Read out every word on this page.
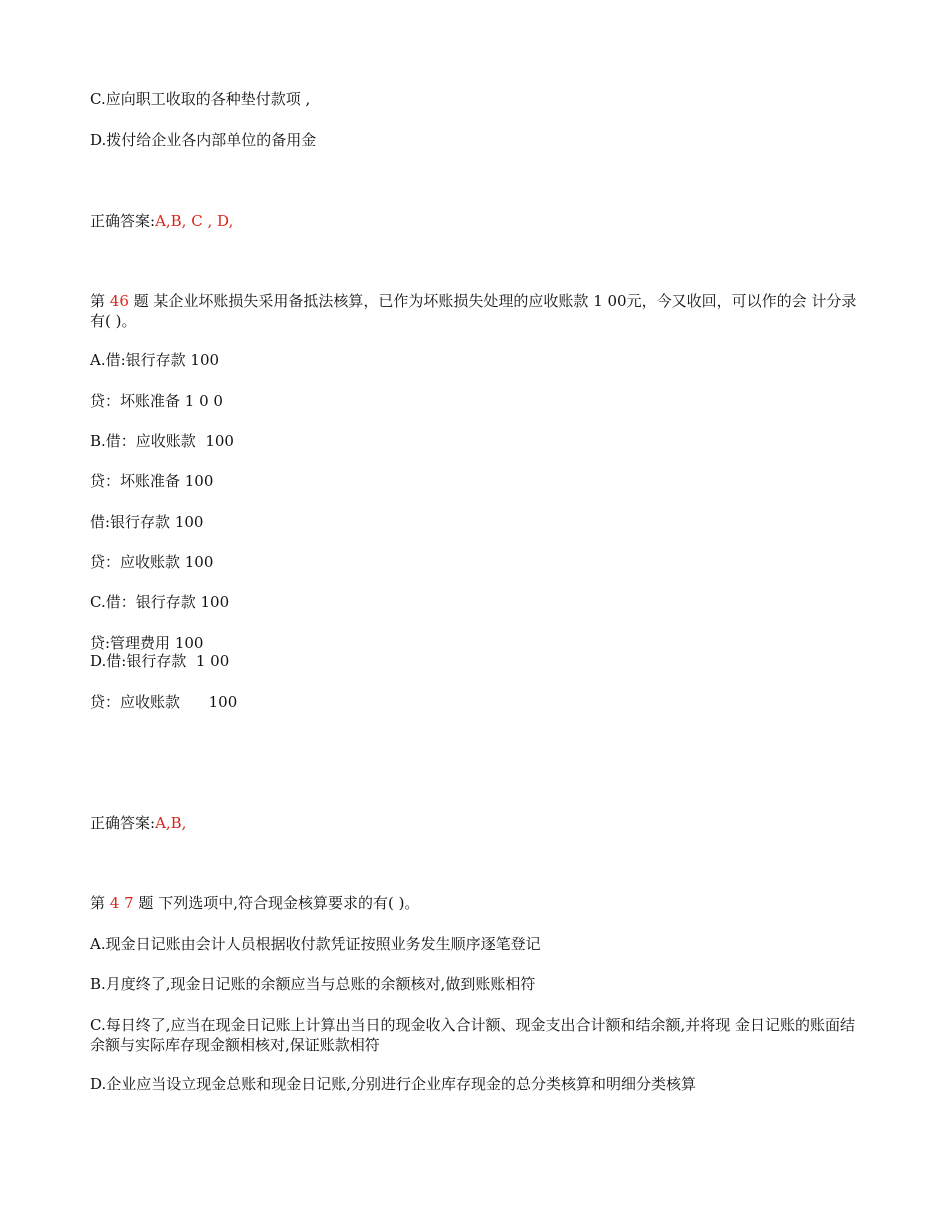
C.应向职工收取的各种垫付款项 ,
D.拨付给企业各内部单位的备用金
正确答案:A,B, C , D,
第 46 题 某企业坏账损失采用备抵法核算，已作为坏账损失处理的应收账款 1 00元，今又收回，可以作的会 计分录有( )。
A.借:银行存款 100
贷：坏账准备 1 0 0
B.借：应收账款  100
贷：坏账准备 100
借:银行存款 100
贷：应收账款 100
C.借：银行存款 100
贷:管理费用 100
D.借:银行存款  1 00
贷：应收账款      100
正确答案:A,B,
第 4 7 题 下列选项中,符合现金核算要求的有( )。
A.现金日记账由会计人员根据收付款凭证按照业务发生顺序逐笔登记
B.月度终了,现金日记账的余额应当与总账的余额核对,做到账账相符
C.每日终了,应当在现金日记账上计算出当日的现金收入合计额、现金支出合计额和结余额,并将现 金日记账的账面结余额与实际库存现金额相核对,保证账款相符
D.企业应当设立现金总账和现金日记账,分别进行企业库存现金的总分类核算和明细分类核算
